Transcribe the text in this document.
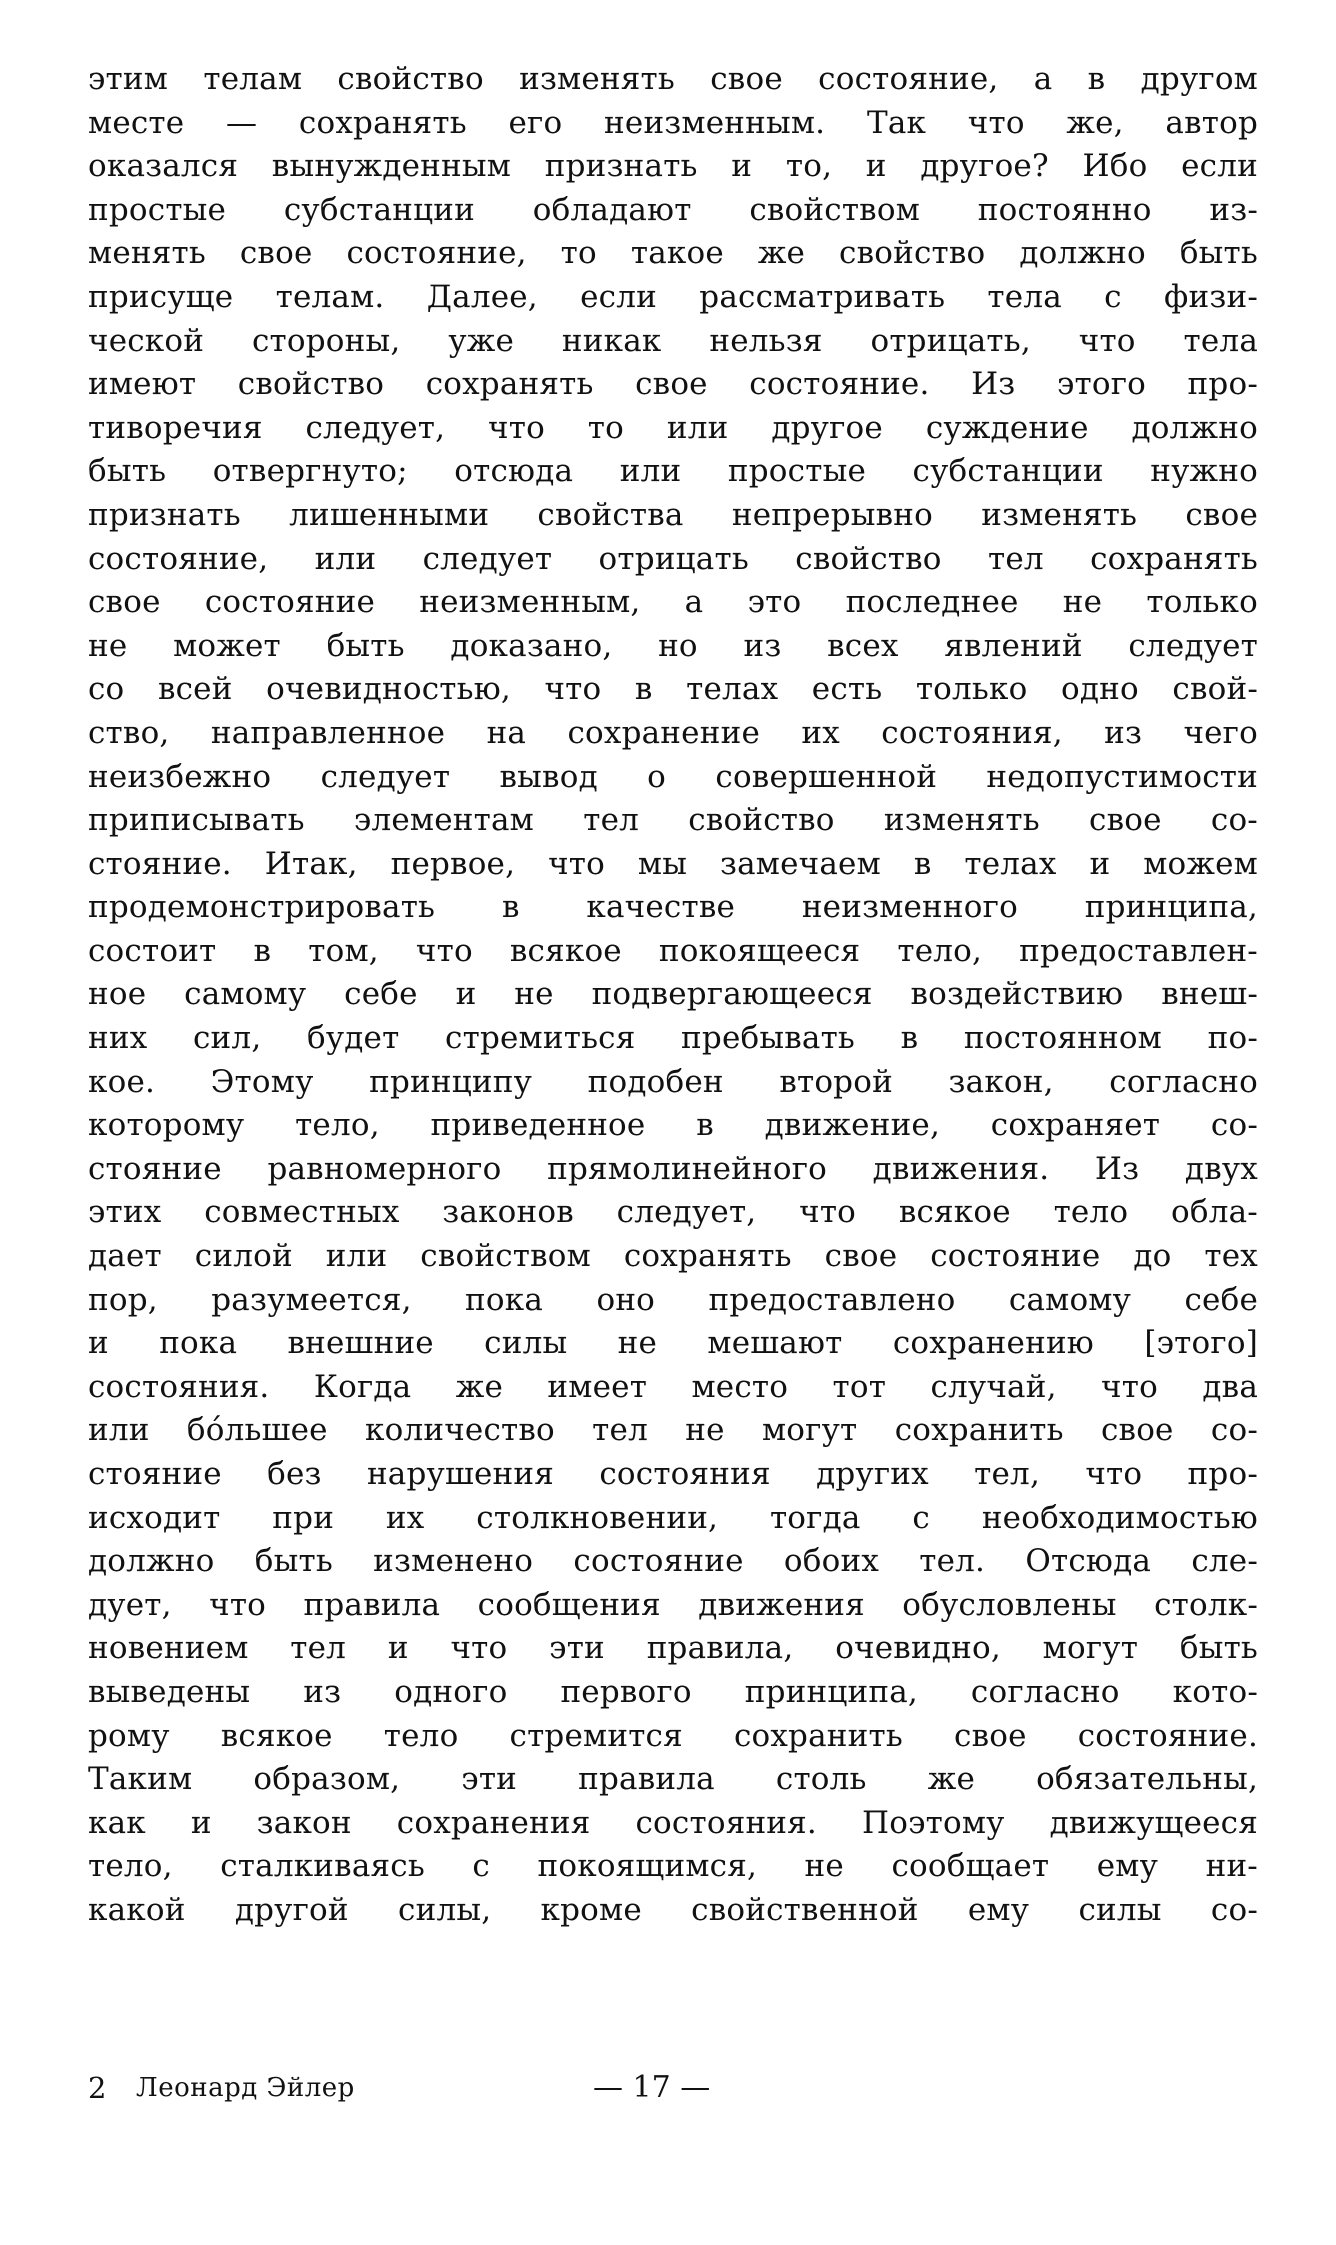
этим телам свойство изменять свое состояние, а в другом
месте — сохранять его неизменным. Так что же, автор
оказался вынужденным признать и то, и другое? Ибо если
простые субстанции обладают свойством постоянно из-
менять свое состояние, то такое же свойство должно быть
присуще телам. Далее, если рассматривать тела с физи-
ческой стороны, уже никак нельзя отрицать, что тела
имеют свойство сохранять свое состояние. Из этого про-
тиворечия следует, что то или другое суждение должно
быть отвергнуто; отсюда или простые субстанции нужно
признать лишенными свойства непрерывно изменять свое
состояние, или следует отрицать свойство тел сохранять
свое состояние неизменным, а это последнее не только
не может быть доказано, но из всех явлений следует
со всей очевидностью, что в телах есть только одно свой-
ство, направленное на сохранение их состояния, из чего
неизбежно следует вывод о совершенной недопустимости
приписывать элементам тел свойство изменять свое со-
стояние. Итак, первое, что мы замечаем в телах и можем
продемонстрировать в качестве неизменного принципа,
состоит в том, что всякое покоящееся тело, предоставлен-
ное самому себе и не подвергающееся воздействию внеш-
них сил, будет стремиться пребывать в постоянном по-
кое. Этому принципу подобен второй закон, согласно
которому тело, приведенное в движение, сохраняет со-
стояние равномерного прямолинейного движения. Из двух
этих совместных законов следует, что всякое тело обла-
дает силой или свойством сохранять свое состояние до тех
пор, разумеется, пока оно предоставлено самому себе
и пока внешние силы не мешают сохранению [этого]
состояния. Когда же имеет место тот случай, что два
или бóльшее количество тел не могут сохранить свое со-
стояние без нарушения состояния других тел, что про-
исходит при их столкновении, тогда с необходимостью
должно быть изменено состояние обоих тел. Отсюда сле-
дует, что правила сообщения движения обусловлены столк-
новением тел и что эти правила, очевидно, могут быть
выведены из одного первого принципа, согласно кото-
рому всякое тело стремится сохранить свое состояние.
Таким образом, эти правила столь же обязательны,
как и закон сохранения состояния. Поэтому движущееся
тело, сталкиваясь с покоящимся, не сообщает ему ни-
какой другой силы, кроме свойственной ему силы со-
2 Леонард Эйлер	— 17 —
